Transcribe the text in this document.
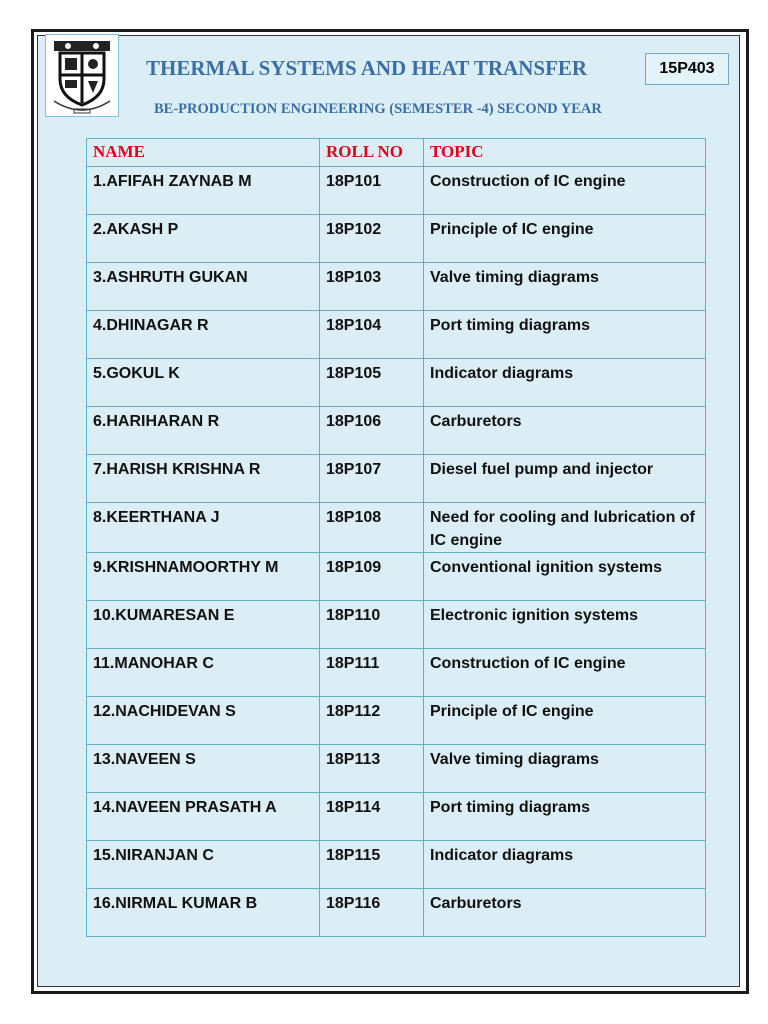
THERMAL SYSTEMS AND HEAT TRANSFER	15P403
BE-PRODUCTION ENGINEERING (SEMESTER -4) SECOND YEAR
NAME	ROLL NO	TOPIC
1.AFIFAH ZAYNAB M	18P101	Construction of IC engine
2.AKASH P	18P102	Principle of IC engine
3.ASHRUTH GUKAN	18P103	Valve timing diagrams
4.DHINAGAR R	18P104	Port timing diagrams
5.GOKUL K	18P105	Indicator diagrams
6.HARIHARAN R	18P106	Carburetors
7.HARISH KRISHNA R	18P107	Diesel fuel pump and injector
8.KEERTHANA J	18P108	Need for cooling and lubrication of IC engine
9.KRISHNAMOORTHY M	18P109	Conventional ignition systems
10.KUMARESAN E	18P110	Electronic ignition systems
11.MANOHAR C	18P111	Construction of IC engine
12.NACHIDEVAN S	18P112	Principle of IC engine
13.NAVEEN S	18P113	Valve timing diagrams
14.NAVEEN PRASATH A	18P114	Port timing diagrams
15.NIRANJAN C	18P115	Indicator diagrams
16.NIRMAL KUMAR B	18P116	Carburetors
